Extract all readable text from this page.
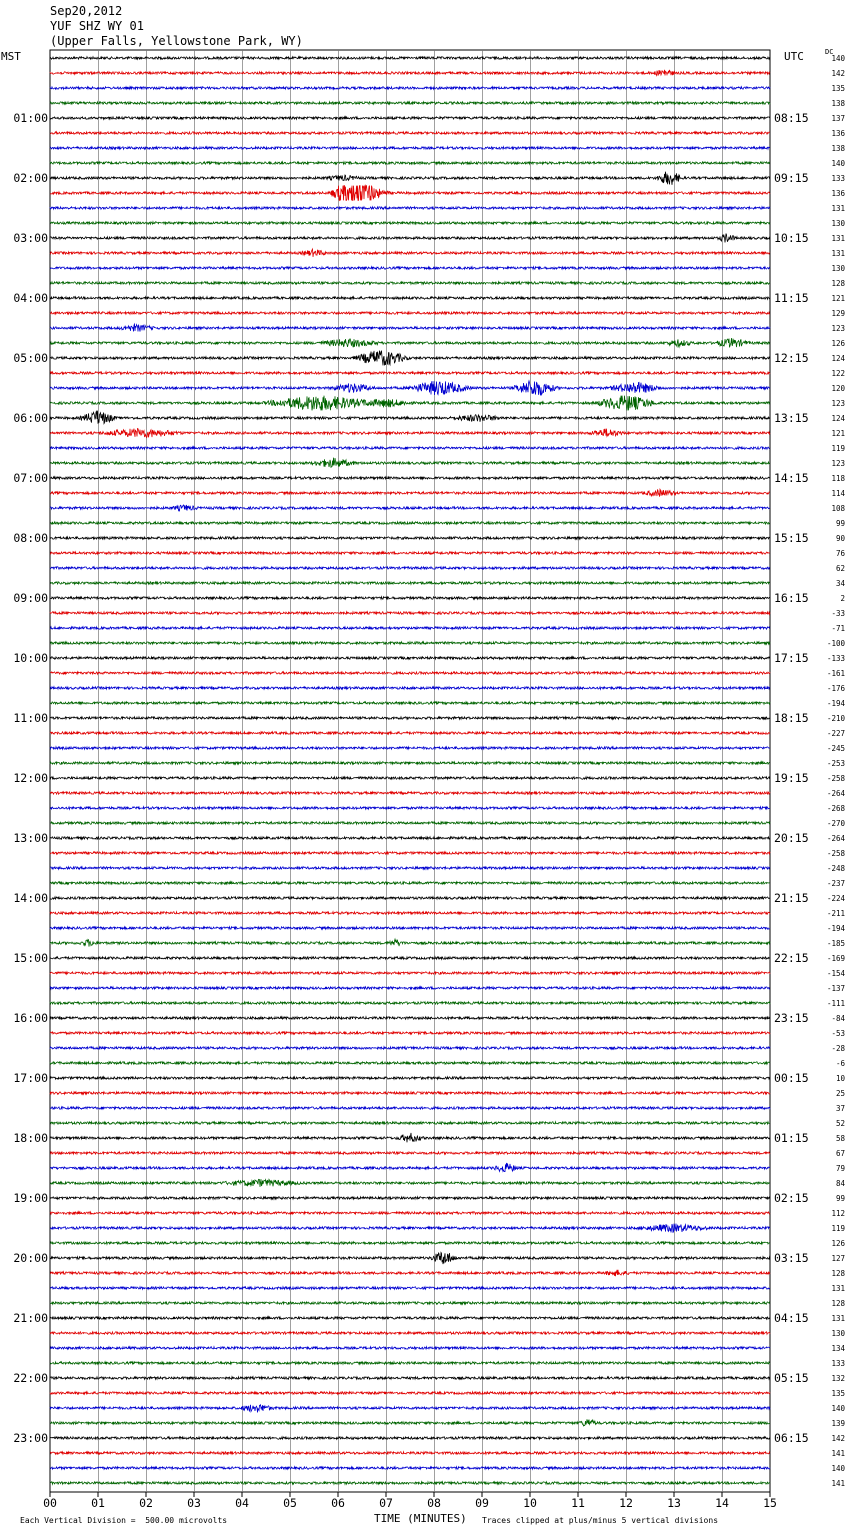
01:00
02:00
03:00
04:00
05:00
06:00
07:00
08:00
09:00
10:00
11:00
12:00
13:00
14:00
15:00
16:00
17:00
18:00
19:00
20:00
21:00
22:00
23:00
08:15
09:15
10:15
11:15
12:15
13:15
14:15
15:15
16:15
17:15
18:15
19:15
20:15
21:15
22:15
23:15
00:15
01:15
02:15
03:15
04:15
05:15
06:15
140
142
135
138
137
136
138
140
133
136
131
130
131
131
130
128
121
129
123
126
124
122
120
123
124
121
119
123
118
114
108
99
90
76
62
34
2
-33
-71
-100
-133
-161
-176
-194
-210
-227
-245
-253
-258
-264
-268
-270
-264
-258
-248
-237
-224
-211
-194
-185
-169
-154
-137
-111
-84
-53
-28
-6
10
25
37
52
58
67
79
84
99
112
119
126
127
128
131
128
131
130
134
133
132
135
140
139
142
141
140
141
00	01	02	03	04	05	06	07	08	09	10	11	12	13	14	15
Sep20,2012
YUF SHZ WY 01
(Upper Falls, Yellowstone Park, WY)
MST	UTC	DC
Each Vertical Division =  500.00 microvolts	TIME (MINUTES) Traces clipped at plus/minus 5 vertical divisions
